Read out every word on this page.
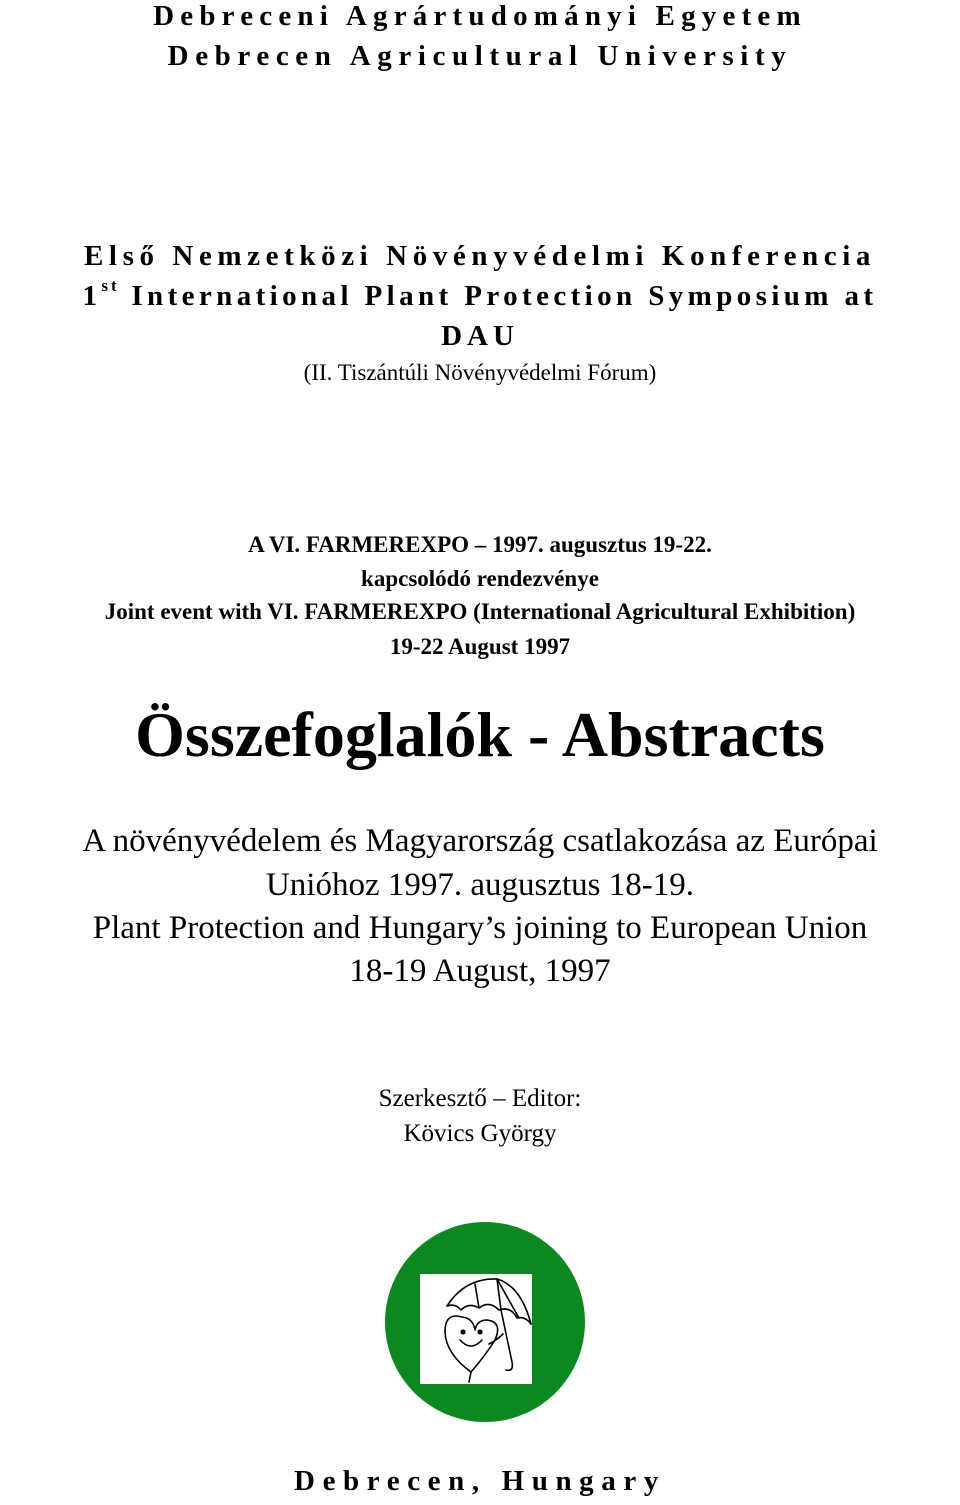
Debreceni Agrártudományi Egyetem
Debrecen Agricultural University
Első Nemzetközi Növényvédelmi Konferencia
1st International Plant Protection Symposium at
DAU
(II. Tiszántúli Növényvédelmi Fórum)
A VI. FARMEREXPO – 1997. augusztus 19-22.
kapcsolódó rendezvénye
Joint event with VI. FARMEREXPO (International Agricultural Exhibition)
19-22 August 1997
Összefoglalók - Abstracts
A növényvédelem és Magyarország csatlakozása az Európai
Unióhoz 1997. augusztus 18-19.
Plant Protection and Hungary’s joining to European Union
18-19 August, 1997
Szerkesztő – Editor:
Kövics György
Debrecen, Hungary
